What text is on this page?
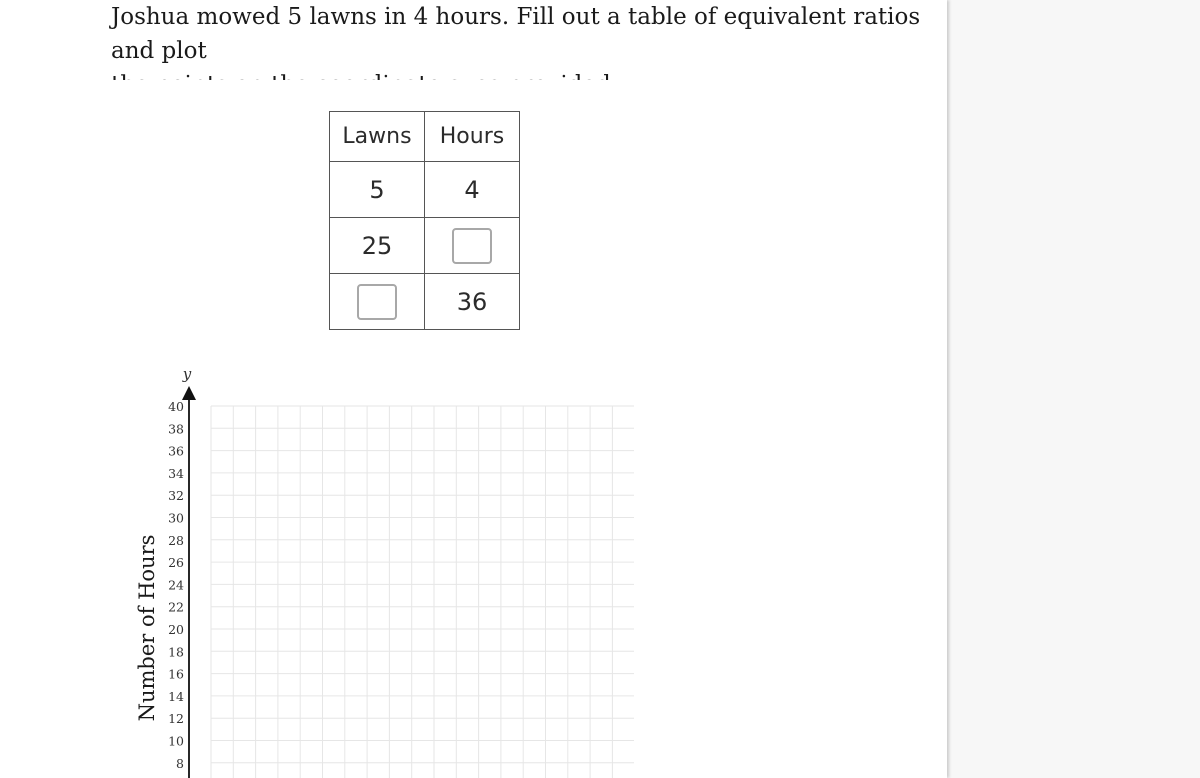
Joshua mowed 5 lawns in 4 hours. Fill out a table of equivalent ratios and plot
Lawns	Hours
5	4
25	
	36
y
40
38
36
34
32
30
28
26
24
22
20
18
16
14
12
10
8
Number of Hours
